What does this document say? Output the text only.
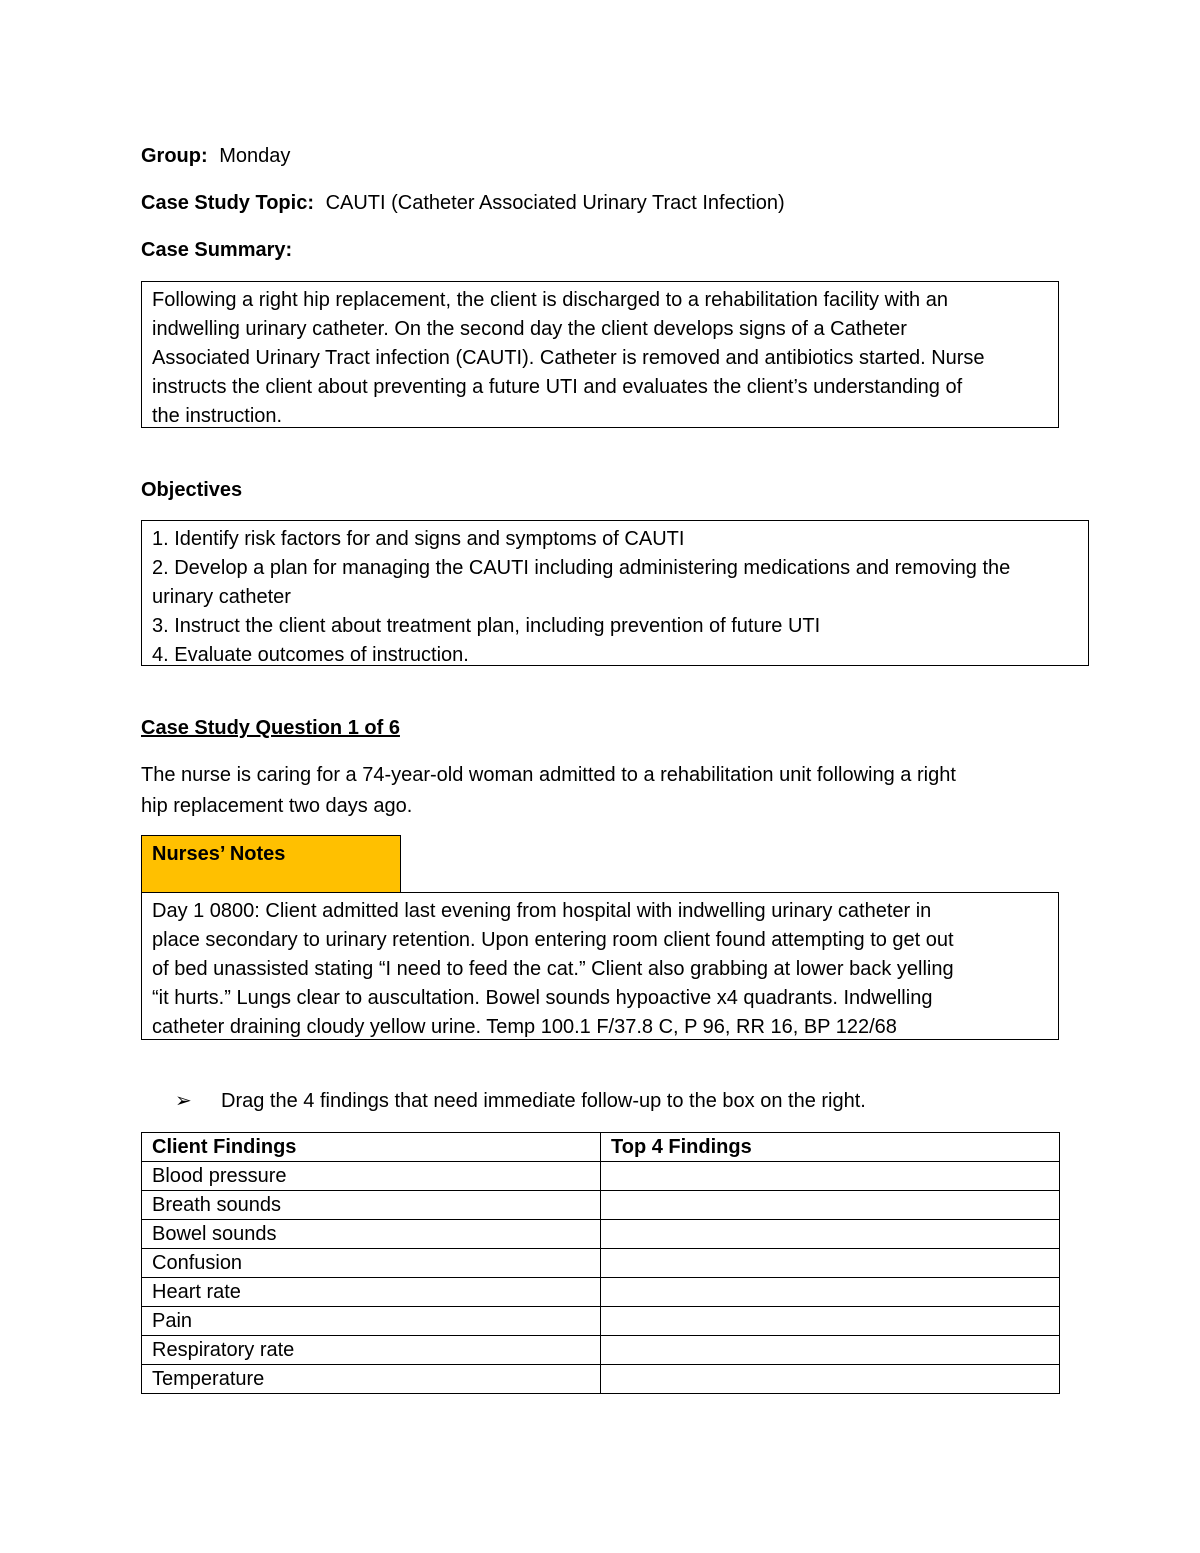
Group: Monday
Case Study Topic: CAUTI (Catheter Associated Urinary Tract Infection)
Case Summary:

Following a right hip replacement, the client is discharged to a rehabilitation facility with an

indwelling urinary catheter. On the second day the client develops signs of a Catheter

Associated Urinary Tract infection (CAUTI). Catheter is removed and antibiotics started. Nurse

instructs the client about preventing a future UTI and evaluates the client’s understanding of

the instruction.

Objectives

1. Identify risk factors for and signs and symptoms of CAUTI

2. Develop a plan for managing the CAUTI including administering medications and removing the

urinary catheter

3. Instruct the client about treatment plan, including prevention of future UTI

4. Evaluate outcomes of instruction.

Case Study Question 1 of 6
The nurse is caring for a 74-year-old woman admitted to a rehabilitation unit following a right
hip replacement two days ago.
Nurses’ Notes

Day 1 0800: Client admitted last evening from hospital with indwelling urinary catheter in

place secondary to urinary retention. Upon entering room client found attempting to get out

of bed unassisted stating “I need to feed the cat.” Client also grabbing at lower back yelling

“it hurts.” Lungs clear to auscultation. Bowel sounds hypoactive x4 quadrants. Indwelling

catheter draining cloudy yellow urine. Temp 100.1 F/37.8 C, P 96, RR 16, BP 122/68

➢ Drag the 4 findings that need immediate follow-up to the box on the right.
Client Findings	Top 4 Findings
Blood pressure	
Breath sounds	
Bowel sounds	
Confusion	
Heart rate	
Pain	
Respiratory rate	
Temperature	
